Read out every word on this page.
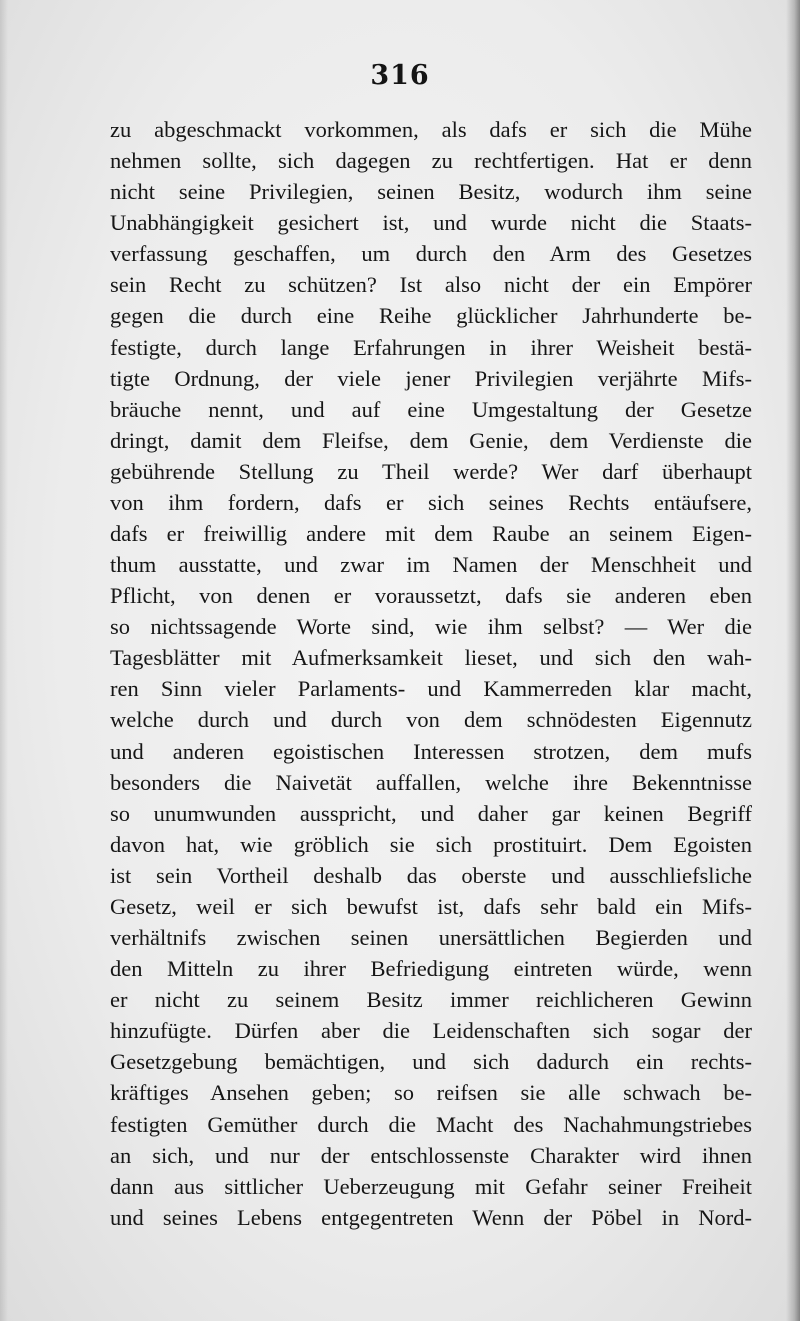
316
zu abgeschmackt vorkommen, als dafs er sich die Mühe
nehmen sollte, sich dagegen zu rechtfertigen. Hat er denn
nicht seine Privilegien, seinen Besitz, wodurch ihm seine
Unabhängigkeit gesichert ist, und wurde nicht die Staats-
verfassung geschaffen, um durch den Arm des Gesetzes
sein Recht zu schützen? Ist also nicht der ein Empörer
gegen die durch eine Reihe glücklicher Jahrhunderte be-
festigte, durch lange Erfahrungen in ihrer Weisheit bestä-
tigte Ordnung, der viele jener Privilegien verjährte Mifs-
bräuche nennt, und auf eine Umgestaltung der Gesetze
dringt, damit dem Fleifse, dem Genie, dem Verdienste die
gebührende Stellung zu Theil werde? Wer darf überhaupt
von ihm fordern, dafs er sich seines Rechts entäufsere,
dafs er freiwillig andere mit dem Raube an seinem Eigen-
thum ausstatte, und zwar im Namen der Menschheit und
Pflicht, von denen er voraussetzt, dafs sie anderen eben
so nichtssagende Worte sind, wie ihm selbst? — Wer die
Tagesblätter mit Aufmerksamkeit lieset, und sich den wah-
ren Sinn vieler Parlaments- und Kammerreden klar macht,
welche durch und durch von dem schnödesten Eigennutz
und anderen egoistischen Interessen strotzen, dem mufs
besonders die Naivetät auffallen, welche ihre Bekenntnisse
so unumwunden ausspricht, und daher gar keinen Begriff
davon hat, wie gröblich sie sich prostituirt. Dem Egoisten
ist sein Vortheil deshalb das oberste und ausschliefsliche
Gesetz, weil er sich bewufst ist, dafs sehr bald ein Mifs-
verhältnifs zwischen seinen unersättlichen Begierden und
den Mitteln zu ihrer Befriedigung eintreten würde, wenn
er nicht zu seinem Besitz immer reichlicheren Gewinn
hinzufügte. Dürfen aber die Leidenschaften sich sogar der
Gesetzgebung bemächtigen, und sich dadurch ein rechts-
kräftiges Ansehen geben; so reifsen sie alle schwach be-
festigten Gemüther durch die Macht des Nachahmungstriebes
an sich, und nur der entschlossenste Charakter wird ihnen
dann aus sittlicher Ueberzeugung mit Gefahr seiner Freiheit
und seines Lebens entgegentreten Wenn der Pöbel in Nord-
